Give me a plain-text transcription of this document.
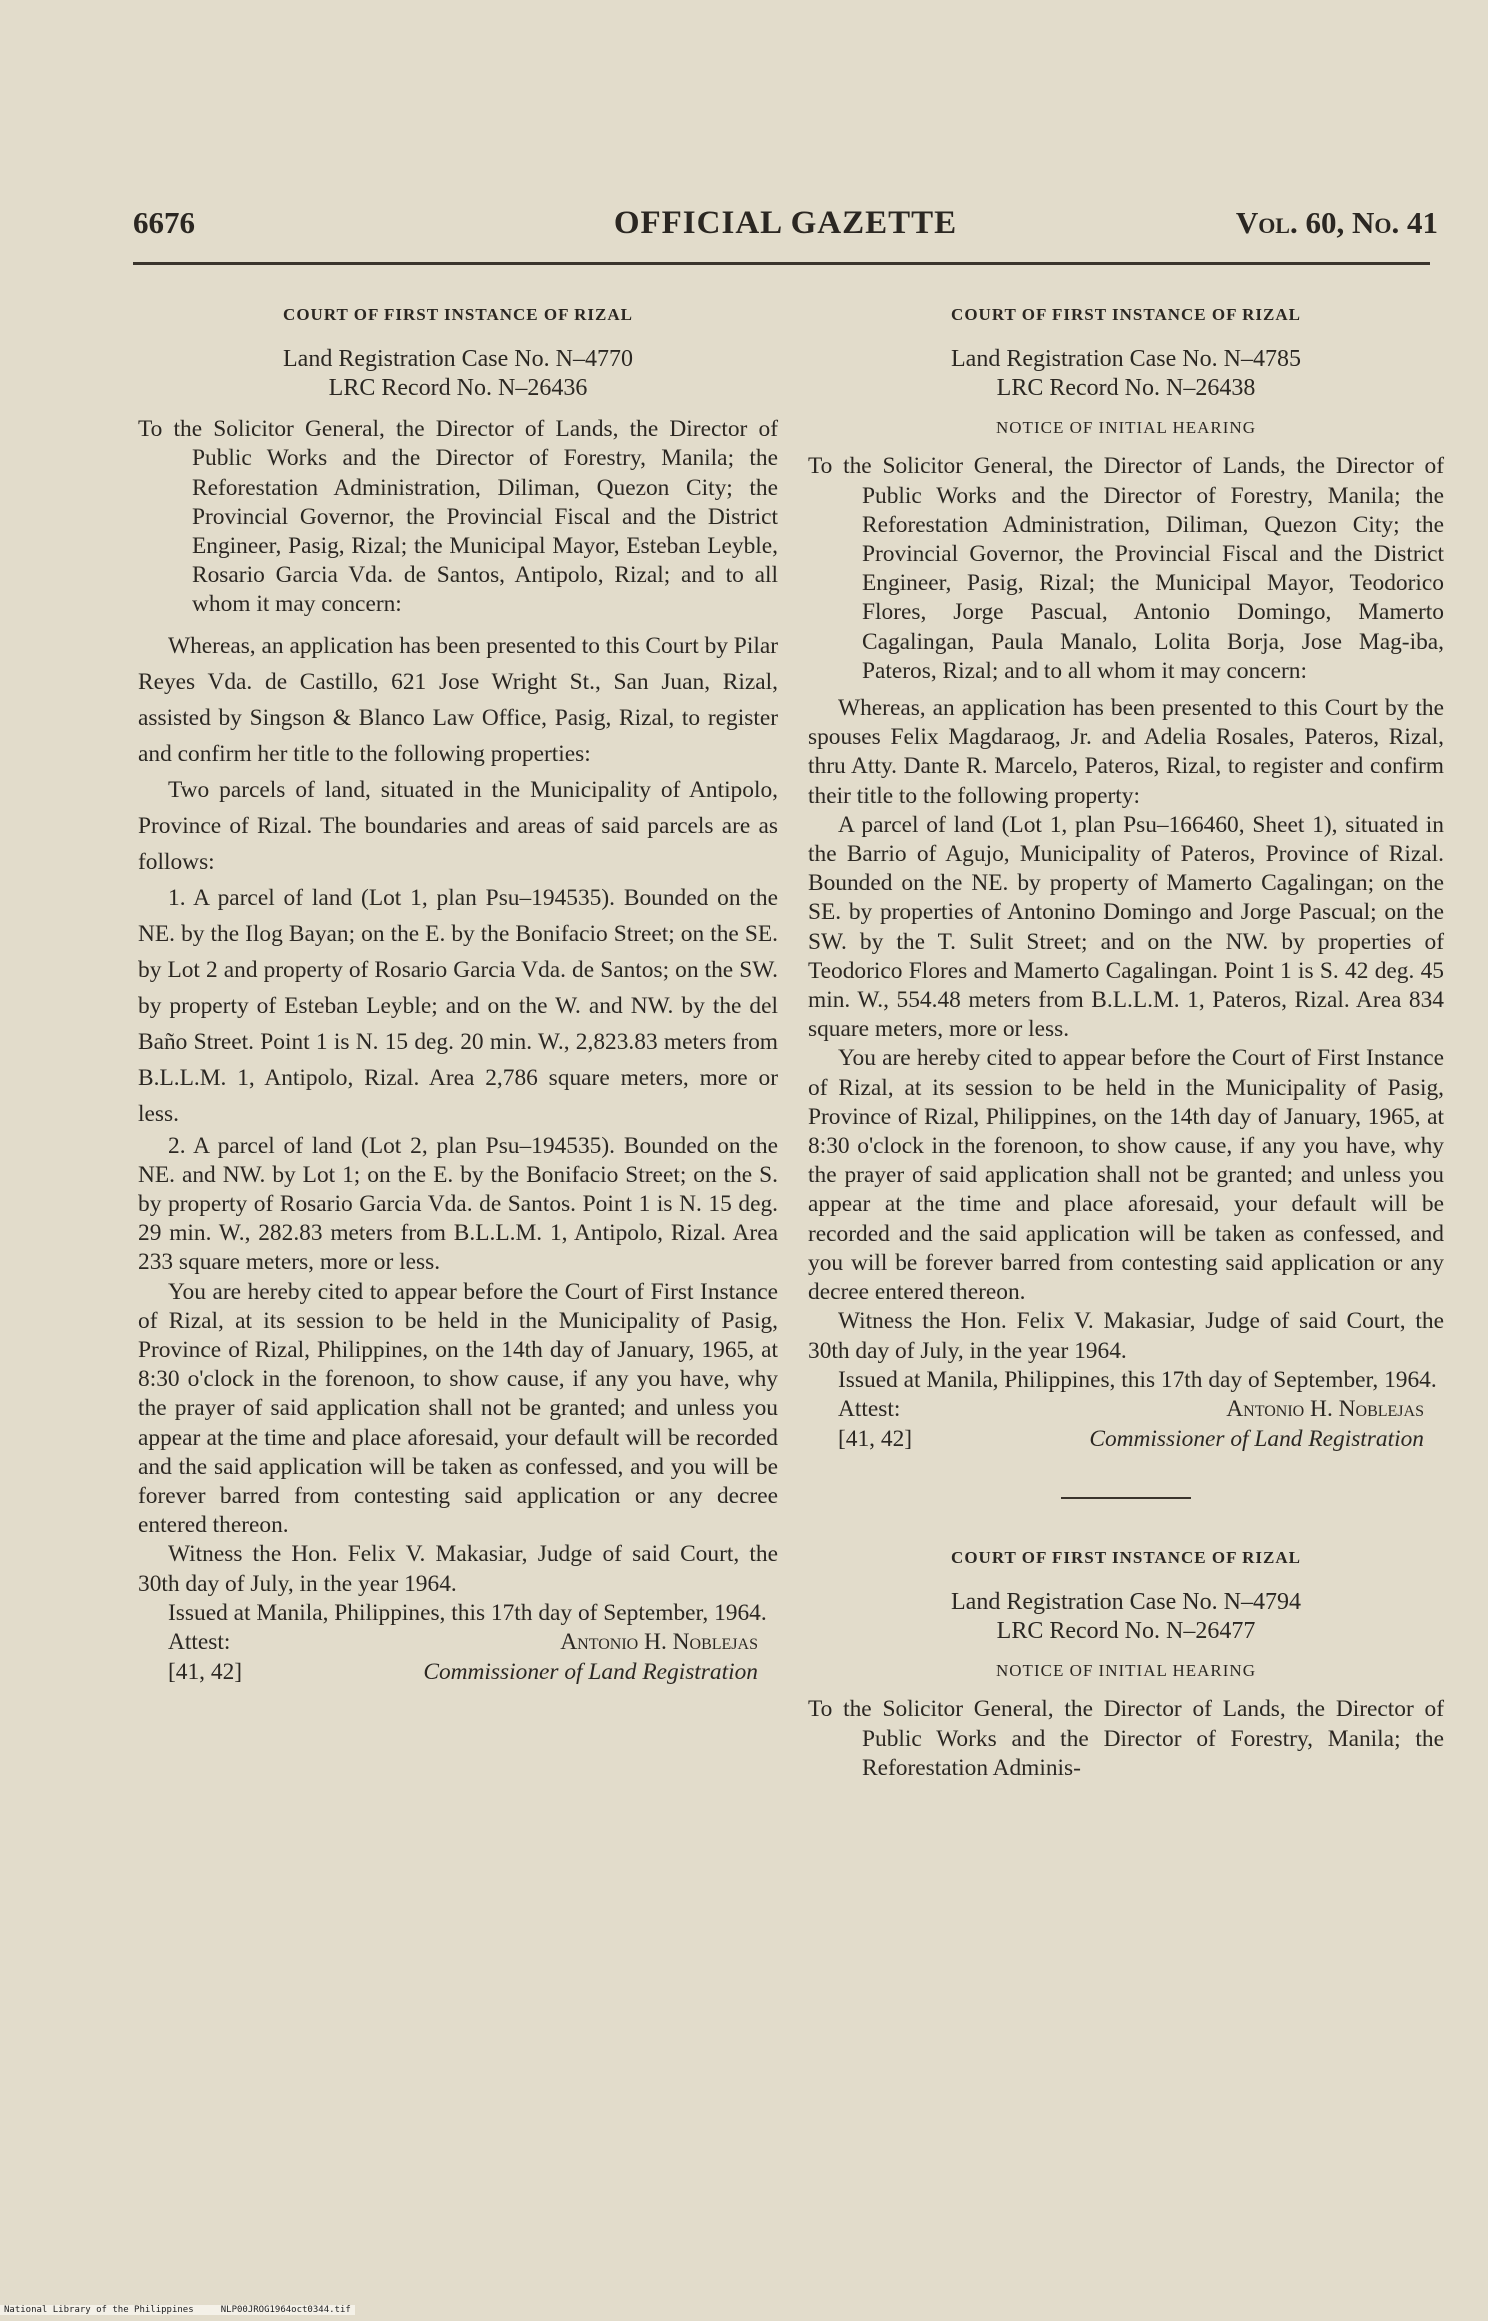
6676	OFFICIAL GAZETTE	Vol. 60, No. 41
COURT OF FIRST INSTANCE OF RIZAL
Land Registration Case No. N–4770
LRC Record No. N–26436

To the Solicitor General, the Director of Lands, the Director of Public Works and the Director of Forestry, Manila; the Reforestation Administration, Diliman, Quezon City; the Provincial Governor, the Provincial Fiscal and the District Engineer, Pasig, Rizal; the Municipal Mayor, Esteban Leyble, Rosario Garcia Vda. de Santos, Antipolo, Rizal; and to all whom it may concern:

Whereas, an application has been presented to this Court by Pilar Reyes Vda. de Castillo, 621 Jose Wright St., San Juan, Rizal, assisted by Singson & Blanco Law Office, Pasig, Rizal, to register and confirm her title to the following properties:

Two parcels of land, situated in the Municipality of Antipolo, Province of Rizal. The boundaries and areas of said parcels are as follows:

1. A parcel of land (Lot 1, plan Psu–194535). Bounded on the NE. by the Ilog Bayan; on the E. by the Bonifacio Street; on the SE. by Lot 2 and property of Rosario Garcia Vda. de Santos; on the SW. by property of Esteban Leyble; and on the W. and NW. by the del Baño Street. Point 1 is N. 15 deg. 20 min. W., 2,823.83 meters from B.L.L.M. 1, Antipolo, Rizal. Area 2,786 square meters, more or less.

2. A parcel of land (Lot 2, plan Psu–194535). Bounded on the NE. and NW. by Lot 1; on the E. by the Bonifacio Street; on the S. by property of Rosario Garcia Vda. de Santos. Point 1 is N. 15 deg. 29 min. W., 282.83 meters from B.L.L.M. 1, Antipolo, Rizal. Area 233 square meters, more or less.

You are hereby cited to appear before the Court of First Instance of Rizal, at its session to be held in the Municipality of Pasig, Province of Rizal, Philippines, on the 14th day of January, 1965, at 8:30 o'clock in the forenoon, to show cause, if any you have, why the prayer of said application shall not be granted; and unless you appear at the time and place aforesaid, your default will be recorded and the said application will be taken as confessed, and you will be forever barred from contesting said application or any decree entered thereon.

Witness the Hon. Felix V. Makasiar, Judge of said Court, the 30th day of July, in the year 1964.

Issued at Manila, Philippines, this 17th day of September, 1964.

Attest:	Antonio H. Noblejas
[41, 42]	Commissioner of Land Registration
COURT OF FIRST INSTANCE OF RIZAL
Land Registration Case No. N–4785
LRC Record No. N–26438
NOTICE OF INITIAL HEARING

To the Solicitor General, the Director of Lands, the Director of Public Works and the Director of Forestry, Manila; the Reforestation Administration, Diliman, Quezon City; the Provincial Governor, the Provincial Fiscal and the District Engineer, Pasig, Rizal; the Municipal Mayor, Teodorico Flores, Jorge Pascual, Antonio Domingo, Mamerto Cagalingan, Paula Manalo, Lolita Borja, Jose Mag-iba, Pateros, Rizal; and to all whom it may concern:

Whereas, an application has been presented to this Court by the spouses Felix Magdaraog, Jr. and Adelia Rosales, Pateros, Rizal, thru Atty. Dante R. Marcelo, Pateros, Rizal, to register and confirm their title to the following property:

A parcel of land (Lot 1, plan Psu–166460, Sheet 1), situated in the Barrio of Agujo, Municipality of Pateros, Province of Rizal. Bounded on the NE. by property of Mamerto Cagalingan; on the SE. by properties of Antonino Domingo and Jorge Pascual; on the SW. by the T. Sulit Street; and on the NW. by properties of Teodorico Flores and Mamerto Cagalingan. Point 1 is S. 42 deg. 45 min. W., 554.48 meters from B.L.L.M. 1, Pateros, Rizal. Area 834 square meters, more or less.

You are hereby cited to appear before the Court of First Instance of Rizal, at its session to be held in the Municipality of Pasig, Province of Rizal, Philippines, on the 14th day of January, 1965, at 8:30 o'clock in the forenoon, to show cause, if any you have, why the prayer of said application shall not be granted; and unless you appear at the time and place aforesaid, your default will be recorded and the said application will be taken as confessed, and you will be forever barred from contesting said application or any decree entered thereon.

Witness the Hon. Felix V. Makasiar, Judge of said Court, the 30th day of July, in the year 1964.

Issued at Manila, Philippines, this 17th day of September, 1964.

Attest:	Antonio H. Noblejas
[41, 42]	Commissioner of Land Registration
COURT OF FIRST INSTANCE OF RIZAL
Land Registration Case No. N–4794
LRC Record No. N–26477
NOTICE OF INITIAL HEARING

To the Solicitor General, the Director of Lands, the Director of Public Works and the Director of Forestry, Manila; the Reforestation Adminis-

National Library of the Philippines     NLP00JROG1964oct0344.tif
